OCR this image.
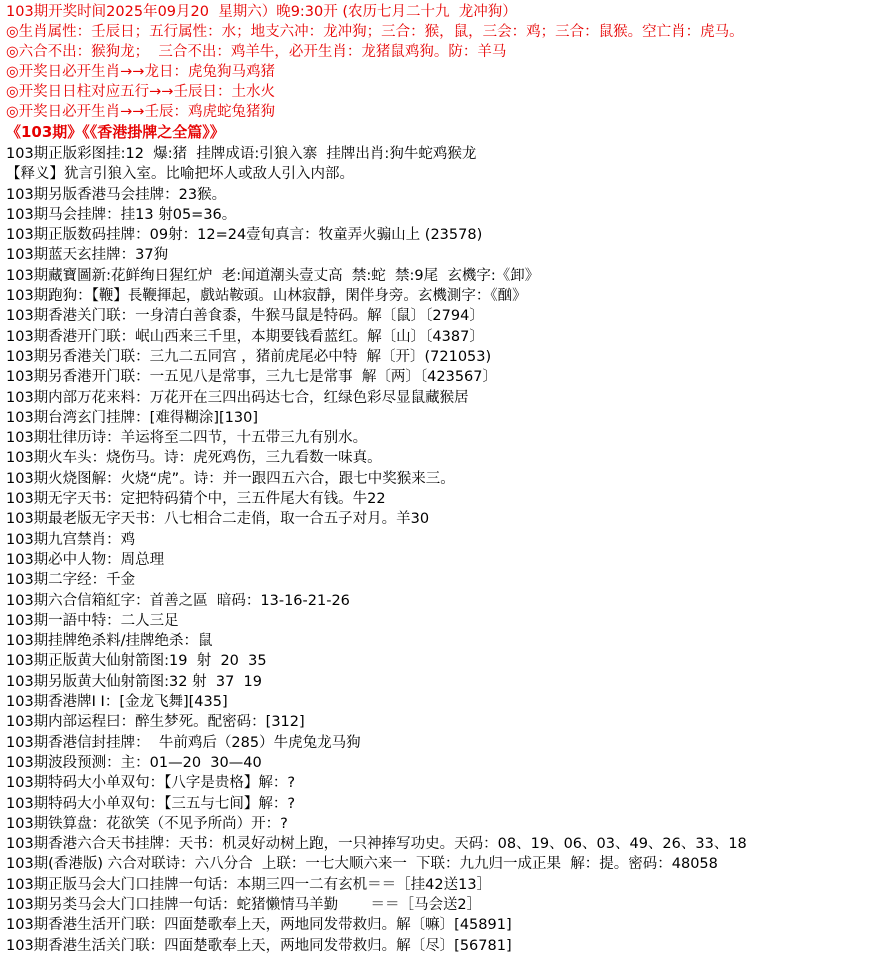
103期开奖时间2025年09月20  星期六）晚9:30开 (农历七月二十九  龙冲狗）
◎生肖属性：壬辰日；五行属性：水；地支六冲：龙冲狗；三合：猴，鼠，三会：鸡；三合：鼠猴。空亡肖：虎马。
◎六合不出：猴狗龙；  三合不出：鸡羊牛，必开生肖：龙猪鼠鸡狗。防：羊马
◎开奖日必开生肖→→龙日：虎兔狗马鸡猪
◎开奖日日柱对应五行→→壬辰日：土水火
◎开奖日必开生肖→→壬辰：鸡虎蛇兔猪狗
《103期》《《香港掛牌之全篇》》
103期正版彩图挂:12  爆:猪  挂牌成语:引狼入寨  挂牌出肖:狗牛蛇鸡猴龙
【释义】犹言引狼入室。比喻把坏人或敌人引入内部。
103期另版香港马会挂牌：23猴。
103期马会挂牌：挂13 射05=36。
103期正版数码挂牌：09射：12=24壹旬真言：牧童弄火骟山上 (23578)
103期蓝天玄挂牌：37狗
103期藏寶圖新:花鲜绚日猩红炉  老:闻道潮头壹丈高  禁:蛇  禁:9尾  玄機字:《卸》
103期跑狗：【鞭】長鞭揮起，戲站鞍頭。山林寂靜，閑伴身旁。玄機測字：《酗》
103期香港关门联：一身清白善食黍，牛猴马鼠是特码。解〔鼠〕〔2794〕
103期香港开门联：岷山西来三千里，本期要钱看蓝红。解〔山〕〔4387〕
103期另香港关门联：三九二五同宫 ，猪前虎尾必中特  解〔开〕(721053)
103期另香港开门联：一五见八是常事，三九七是常事  解〔两〕〔423567〕
103期内部万花来料：万花开在三四出码达七合，红绿色彩尽显鼠藏猴居
103期台湾玄门挂牌：[难得糊涂][130]
103期壮律历诗：羊运将至二四节，十五带三九有别水。
103期火车头：烧伤马。诗：虎死鸡伤，三九看数一味真。
103期火烧图解：火烧“虎”。诗：并一跟四五六合，跟七中奖猴来三。
103期无字天书：定把特码猜个中，三五件尾大有钱。牛22
103期最老版无字天书：八七相合二走俏，取一合五子对月。羊30
103期九宫禁肖：鸡
103期必中人物：周总理
103期二字经：千金
103期六合信箱紅字：首善之區  暗码：13-16-21-26
103期一語中特：二人三足
103期挂牌绝杀料/挂牌绝杀：鼠
103期正版黄大仙射箭图:19  射  20  35
103期另版黄大仙射箭图:32 射  37  19
103期香港牌I I：[金龙飞舞][435]
103期内部运程曰：醉生梦死。配密码：[312]
103期香港信封挂牌：  牛前鸡后（285）牛虎兔龙马狗
103期波段预测：主：01—20  30—40
103期特码大小单双句：【八字是贵格】解：?
103期特码大小单双句：【三五与七间】解：?
103期铁算盘：花欲笑（不见予所尚）开：?
103期香港六合天书挂牌：天书：机灵好动树上跑，一只神捧写功史。天码：08、19、06、03、49、26、33、18
103期(香港版) 六合对联诗：六八分合  上联：一七大顺六来一  下联：九九归一成正果  解：提。密码：48058
103期正版马会大门口挂牌一句话：本期三四一二有玄机＝＝［挂42送13］
103期另类马会大门口挂牌一句话：蛇猪懒情马羊勤       ＝＝［马会送2］
103期香港生活开门联：四面楚歌奉上天，两地同发带救归。解〔嘛〕[45891]
103期香港生活关门联：四面楚歌奉上天，两地同发带救归。解〔尽〕[56781]
